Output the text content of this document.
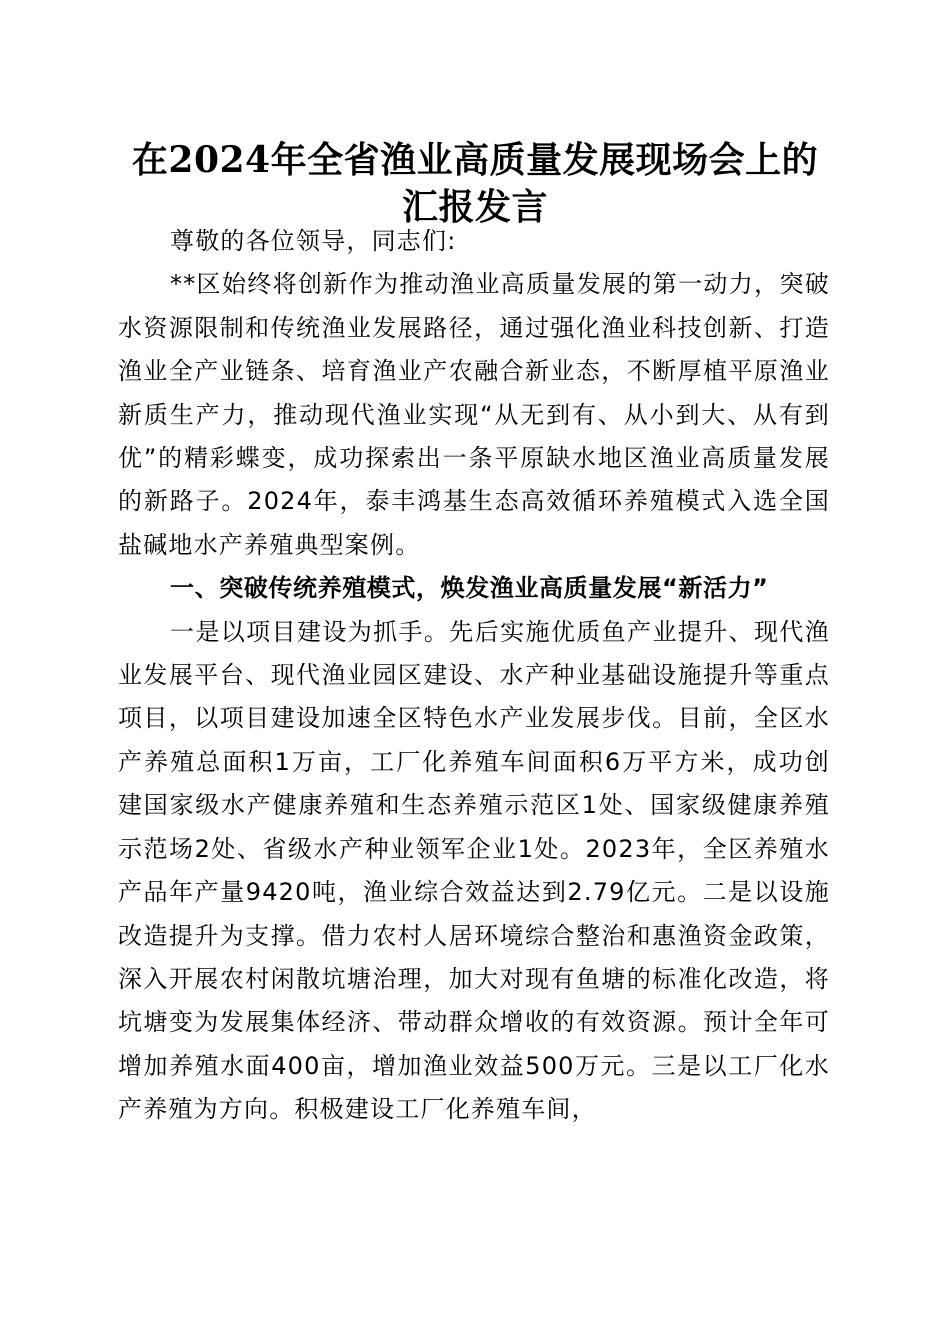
在2024年全省渔业高质量发展现场会上的汇报发言

尊敬的各位领导，同志们:

**区始终将创新作为推动渔业高质量发展的第一动力，突破水资源限制和传统渔业发展路径，通过强化渔业科技创新、打造渔业全产业链条、培育渔业产农融合新业态，不断厚植平原渔业新质生产力，推动现代渔业实现“从无到有、从小到大、从有到优”的精彩蝶变，成功探索出一条平原缺水地区渔业高质量发展的新路子。2024年，泰丰鸿基生态高效循环养殖模式入选全国盐碱地水产养殖典型案例。

一、突破传统养殖模式，焕发渔业高质量发展“新活力”

一是以项目建设为抓手。先后实施优质鱼产业提升、现代渔业发展平台、现代渔业园区建设、水产种业基础设施提升等重点项目，以项目建设加速全区特色水产业发展步伐。目前，全区水产养殖总面积1万亩，工厂化养殖车间面积6万平方米，成功创建国家级水产健康养殖和生态养殖示范区1处、国家级健康养殖示范场2处、省级水产种业领军企业1处。2023年，全区养殖水产品年产量9420吨，渔业综合效益达到2.79亿元。二是以设施改造提升为支撑。借力农村人居环境综合整治和惠渔资金政策，深入开展农村闲散坑塘治理，加大对现有鱼塘的标准化改造，将坑塘变为发展集体经济、带动群众增收的有效资源。预计全年可增加养殖水面400亩，增加渔业效益500万元。三是以工厂化水产养殖为方向。积极建设工厂化养殖车间，
